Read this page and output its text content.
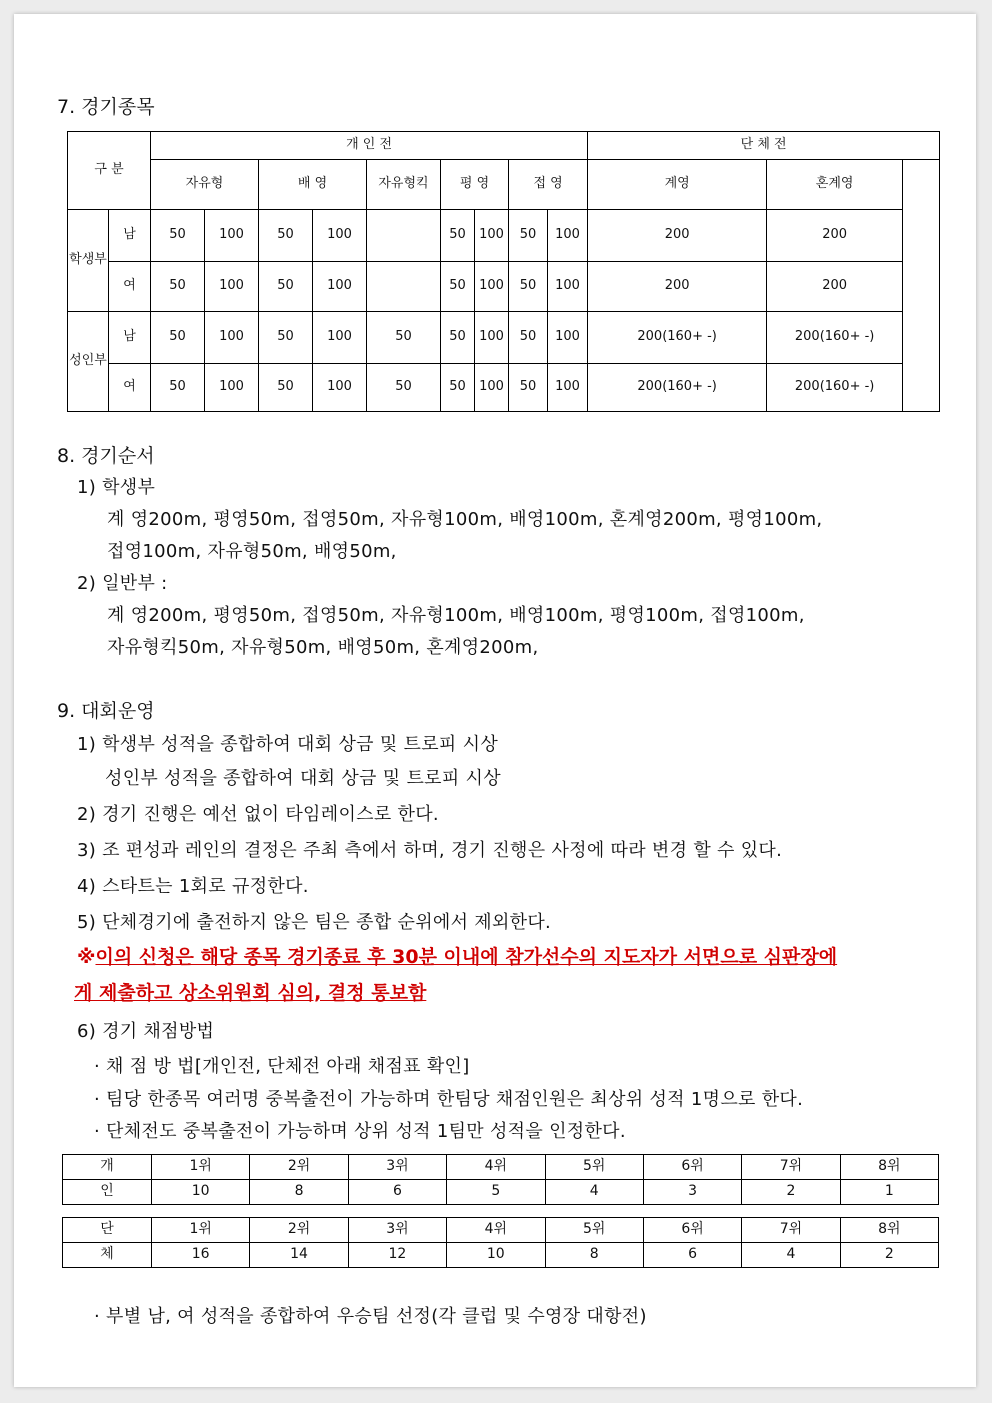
7. 경기종목
구 분		개 인 전									단 체 전		
		자유형		배 영		자유형킥	평 영		접 영		계영	혼계영	
학생부	남	50	100	50	100		50	100	50	100	200	200	
	여	50	100	50	100		50	100	50	100	200	200	
성인부	남	50	100	50	100	50	50	100	50	100	200(160+ -)	200(160+ -)	
	여	50	100	50	100	50	50	100	50	100	200(160+ -)	200(160+ -)	
8. 경기순서
1) 학생부
계 영200m, 평영50m, 접영50m, 자유형100m, 배영100m, 혼계영200m, 평영100m,
접영100m, 자유형50m, 배영50m,
2) 일반부 :
계 영200m, 평영50m, 접영50m, 자유형100m, 배영100m, 평영100m, 접영100m,
자유형킥50m, 자유형50m, 배영50m, 혼계영200m,
9. 대회운영
1) 학생부 성적을 종합하여 대회 상금 및 트로피 시상
성인부 성적을 종합하여 대회 상금 및 트로피 시상
2) 경기 진행은 예선 없이 타임레이스로 한다.
3) 조 편성과 레인의 결정은 주최 측에서 하며, 경기 진행은 사정에 따라 변경 할 수 있다.
4) 스타트는 1회로 규정한다.
5) 단체경기에 출전하지 않은 팀은 종합 순위에서 제외한다.
※이의 신청은 해당 종목 경기종료 후 30분 이내에 참가선수의 지도자가 서면으로 심판장에
게 제출하고 상소위원회 심의, 결정 통보함
6) 경기 채점방법
· 채 점 방 법[개인전, 단체전 아래 채점표 확인]
· 팀당 한종목 여러명 중복출전이 가능하며 한팀당 채점인원은 최상위 성적 1명으로 한다.
· 단체전도 중복출전이 가능하며 상위 성적 1팀만 성적을 인정한다.
개	1위	2위	3위	4위	5위	6위	7위	8위
인	10	8	6	5	4	3	2	1
단	1위	2위	3위	4위	5위	6위	7위	8위
체	16	14	12	10	8	6	4	2
· 부별 남, 여 성적을 종합하여 우승팀 선정(각 클럽 및 수영장 대항전)
